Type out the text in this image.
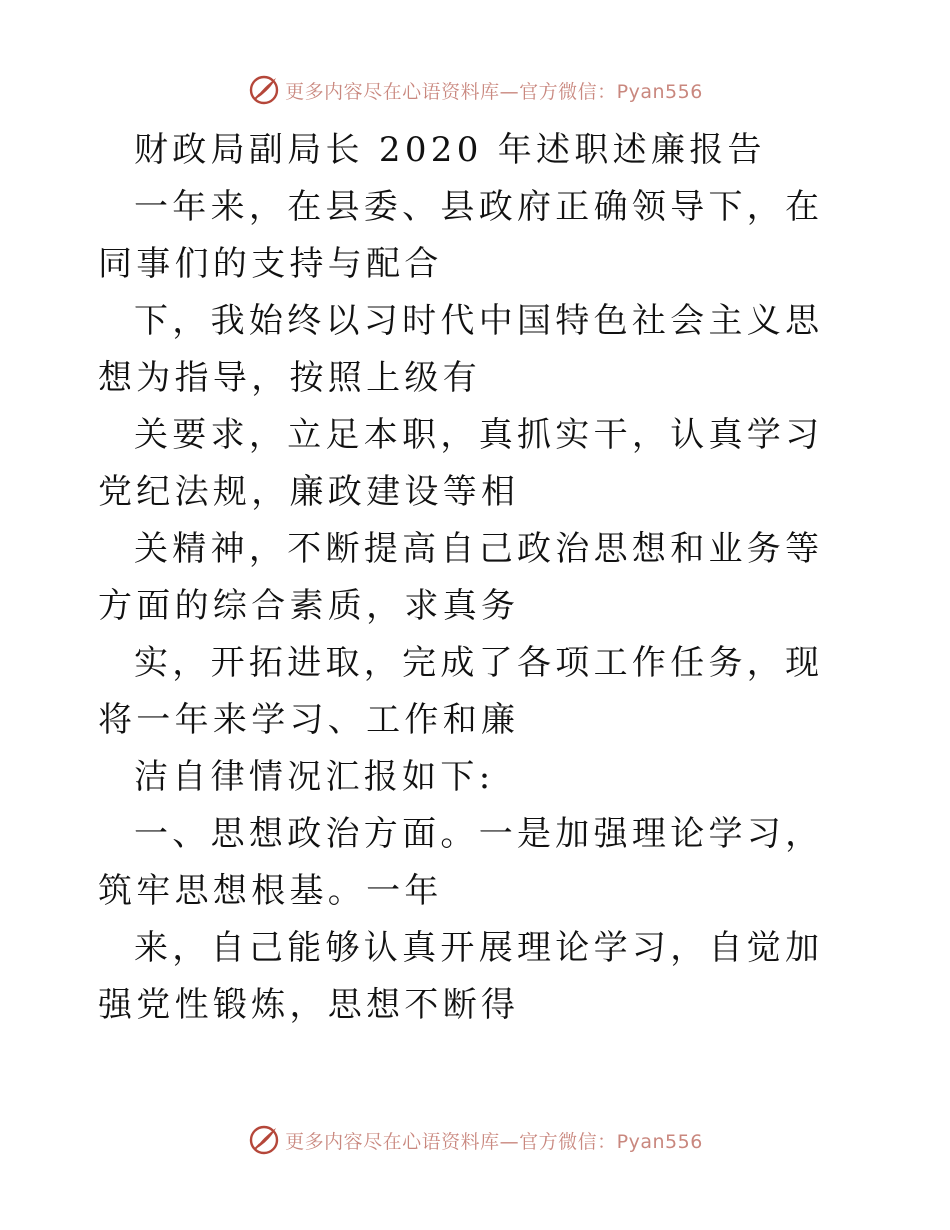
更多内容尽在心语资料库—官方微信：Pyan556

财政局副局长 2020 年述职述廉报告

一年来，在县委、县政府正确领导下，在同事们的支持与配合

下，我始终以习时代中国特色社会主义思想为指导，按照上级有

关要求，立足本职，真抓实干，认真学习党纪法规，廉政建设等相

关精神，不断提高自己政治思想和业务等方面的综合素质，求真务

实，开拓进取，完成了各项工作任务，现将一年来学习、工作和廉

洁自律情况汇报如下:

一、思想政治方面。一是加强理论学习，筑牢思想根基。一年

来，自己能够认真开展理论学习，自觉加强党性锻炼，思想不断得

更多内容尽在心语资料库—官方微信：Pyan556
